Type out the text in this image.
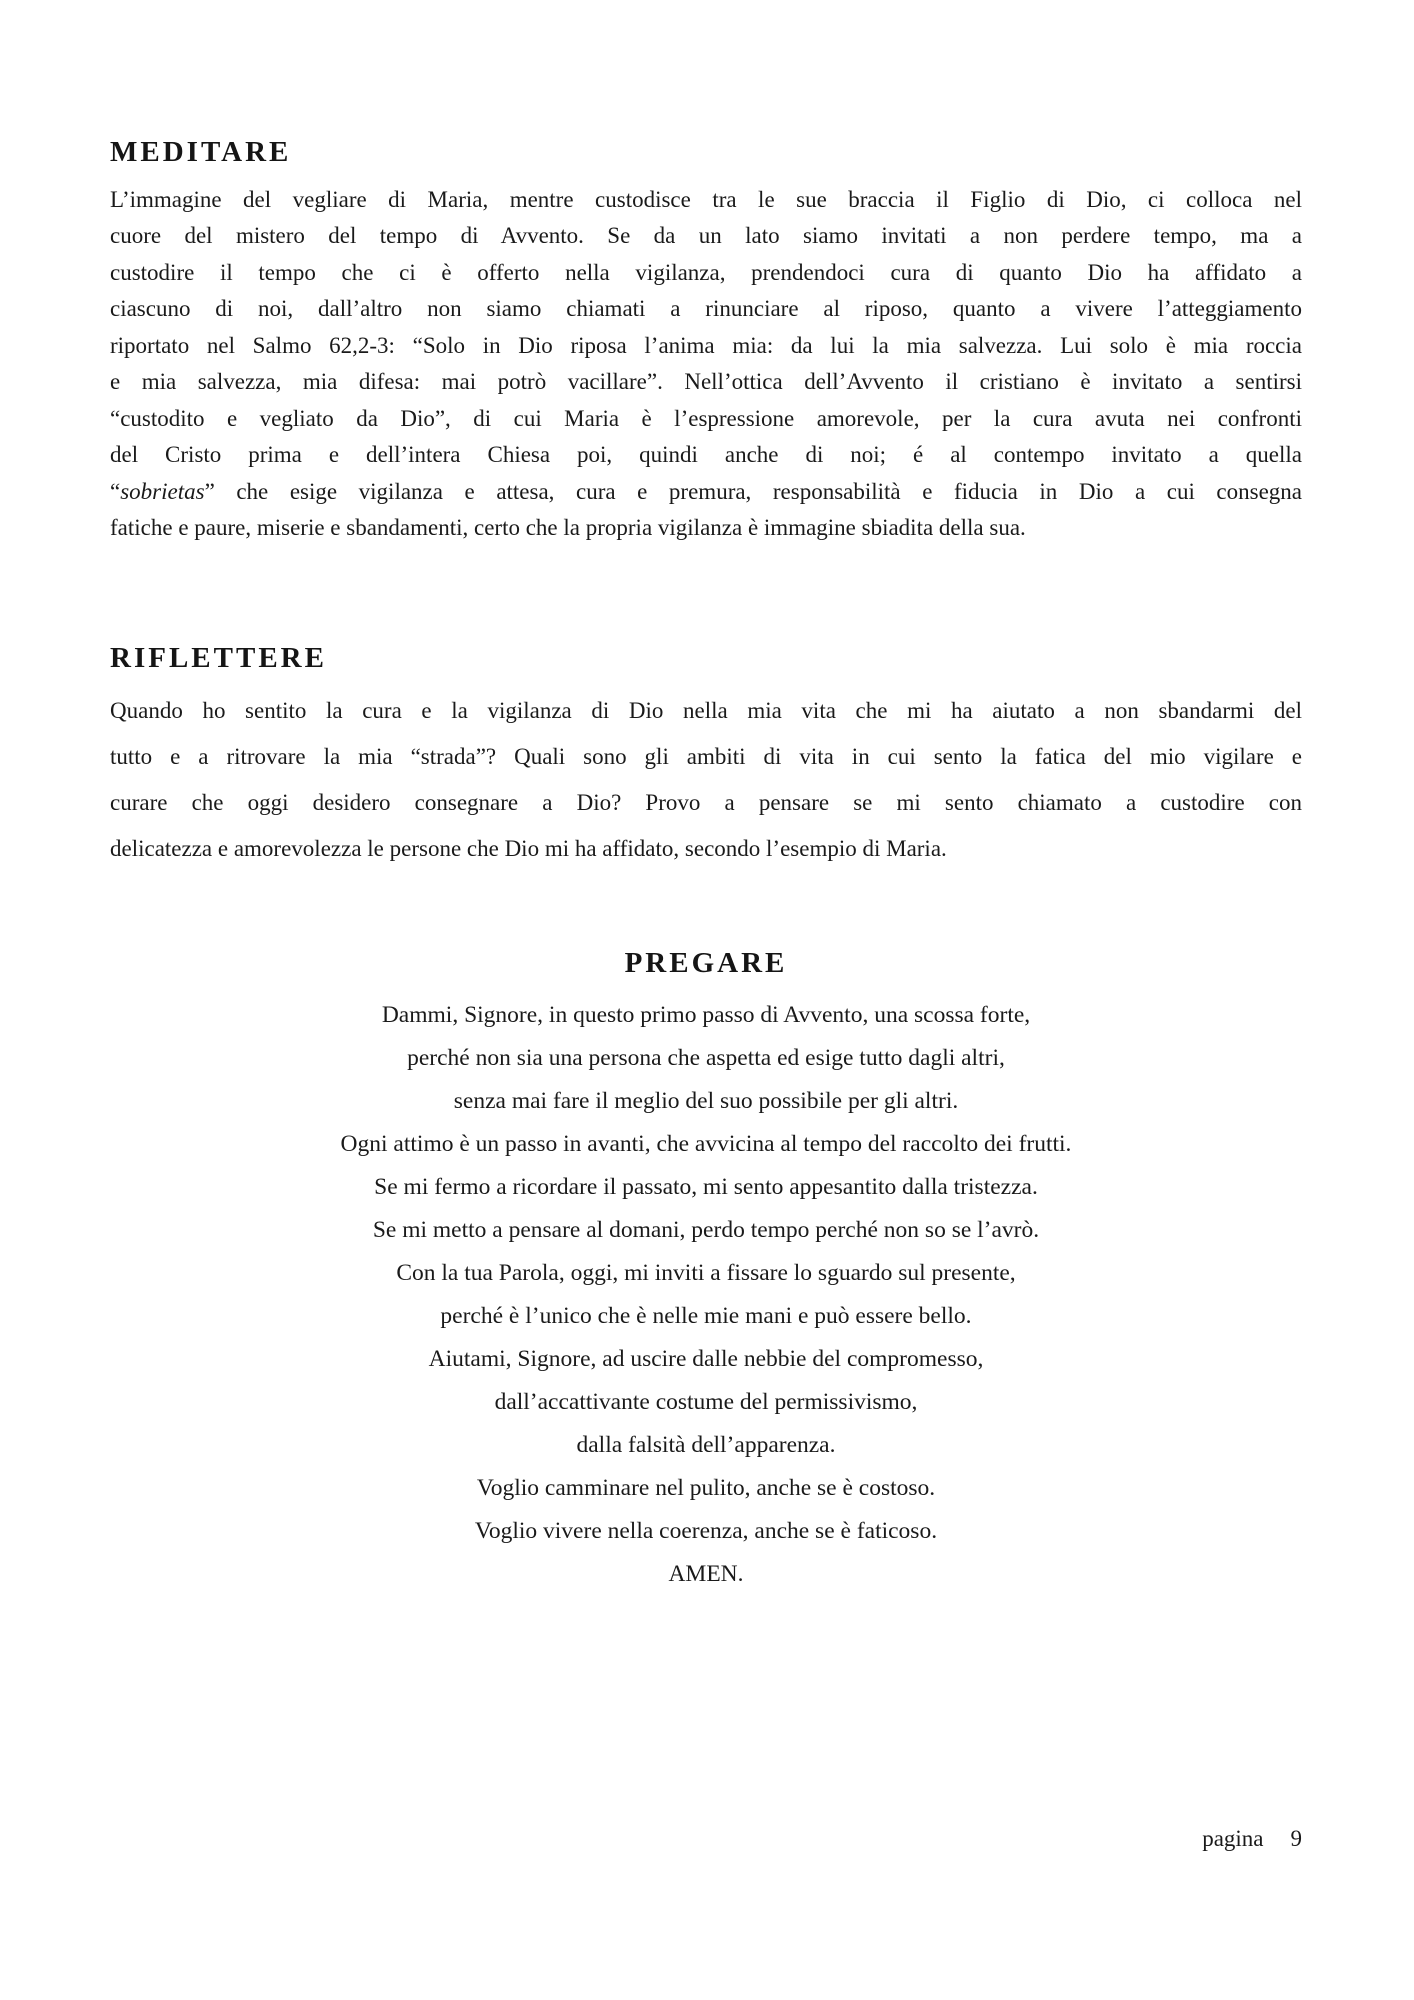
MEDITARE
L’immagine del vegliare di Maria, mentre custodisce tra le sue braccia il Figlio di Dio, ci colloca nel
cuore del mistero del tempo di Avvento. Se da un lato siamo invitati a non perdere tempo, ma a
custodire il tempo che ci è offerto nella vigilanza, prendendoci cura di quanto Dio ha affidato a
ciascuno di noi, dall’altro non siamo chiamati a rinunciare al riposo, quanto a vivere l’atteggiamento
riportato nel Salmo 62,2-3: “Solo in Dio riposa l’anima mia: da lui la mia salvezza. Lui solo è mia roccia
e mia salvezza, mia difesa: mai potrò vacillare”. Nell’ottica dell’Avvento il cristiano è invitato a sentirsi
“custodito e vegliato da Dio”, di cui Maria è l’espressione amorevole, per la cura avuta nei confronti
del Cristo prima e dell’intera Chiesa poi, quindi anche di noi; é al contempo invitato a quella
“sobrietas” che esige vigilanza e attesa, cura e premura, responsabilità e fiducia in Dio a cui consegna
fatiche e paure, miserie e sbandamenti, certo che la propria vigilanza è immagine sbiadita della sua.
RIFLETTERE
Quando ho sentito la cura e la vigilanza di Dio nella mia vita che mi ha aiutato a non sbandarmi del
tutto e a ritrovare la mia “strada”? Quali sono gli ambiti di vita in cui sento la fatica del mio vigilare e
curare che oggi desidero consegnare a Dio? Provo a pensare se mi sento chiamato a custodire con
delicatezza e amorevolezza le persone che Dio mi ha affidato, secondo l’esempio di Maria.
PREGARE
Dammi, Signore, in questo primo passo di Avvento, una scossa forte,
perché non sia una persona che aspetta ed esige tutto dagli altri,
senza mai fare il meglio del suo possibile per gli altri.
Ogni attimo è un passo in avanti, che avvicina al tempo del raccolto dei frutti.
Se mi fermo a ricordare il passato, mi sento appesantito dalla tristezza.
Se mi metto a pensare al domani, perdo tempo perché non so se l’avrò.
Con la tua Parola, oggi, mi inviti a fissare lo sguardo sul presente,
perché è l’unico che è nelle mie mani e può essere bello.
Aiutami, Signore, ad uscire dalle nebbie del compromesso,
dall’accattivante costume del permissivismo,
dalla falsità dell’apparenza.
Voglio camminare nel pulito, anche se è costoso.
Voglio vivere nella coerenza, anche se è faticoso.
AMEN.
pagina 9
